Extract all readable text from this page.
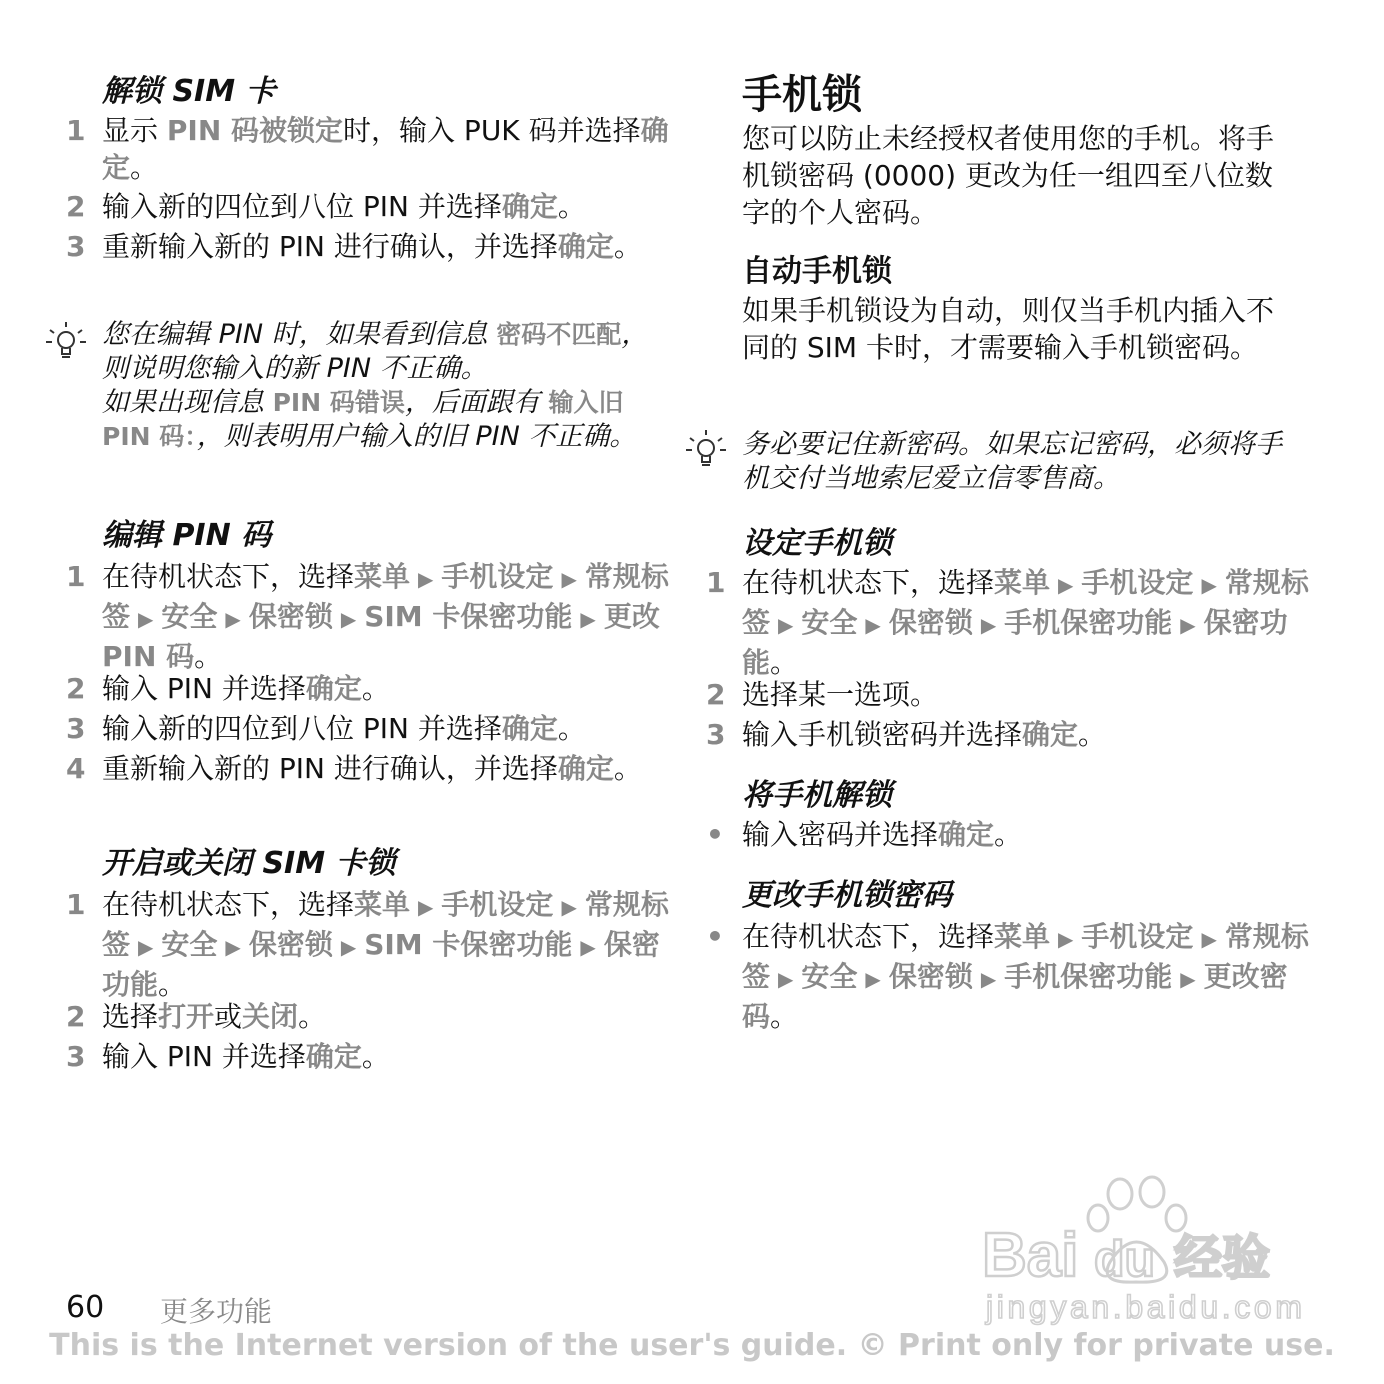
解锁 SIM 卡
1 显示 PIN 码被锁定时，输入 PUK 码并选择确定。
2 输入新的四位到八位 PIN 并选择确定。
3 重新输入新的 PIN 进行确认，并选择确定。
您在编辑 PIN 时，如果看到信息 密码不匹配，则说明您输入的新 PIN 不正确。
如果出现信息 PIN 码错误，后面跟有 输入旧 PIN 码：，则表明用户输入的旧 PIN 不正确。
编辑 PIN 码
1 在待机状态下，选择菜单 ▶ 手机设定 ▶ 常规标签 ▶ 安全 ▶ 保密锁 ▶ SIM 卡保密功能 ▶ 更改 PIN 码。
2 输入 PIN 并选择确定。
3 输入新的四位到八位 PIN 并选择确定。
4 重新输入新的 PIN 进行确认，并选择确定。
开启或关闭 SIM 卡锁
1 在待机状态下，选择菜单 ▶ 手机设定 ▶ 常规标签 ▶ 安全 ▶ 保密锁 ▶ SIM 卡保密功能 ▶ 保密功能。
2 选择打开或关闭。
3 输入 PIN 并选择确定。
手机锁
您可以防止未经授权者使用您的手机。将手机锁密码 (0000) 更改为任一组四至八位数字的个人密码。
自动手机锁
如果手机锁设为自动，则仅当手机内插入不同的 SIM 卡时，才需要输入手机锁密码。
务必要记住新密码。如果忘记密码，必须将手机交付当地索尼爱立信零售商。
设定手机锁
1 在待机状态下，选择菜单 ▶ 手机设定 ▶ 常规标签 ▶ 安全 ▶ 保密锁 ▶ 手机保密功能 ▶ 保密功能。
2 选择某一选项。
3 输入手机锁密码并选择确定。
将手机解锁
• 输入密码并选择确定。
更改手机锁密码
• 在待机状态下，选择菜单 ▶ 手机设定 ▶ 常规标签 ▶ 安全 ▶ 保密锁 ▶ 手机保密功能 ▶ 更改密码。
Bai du 经验
jingyan.baidu.com
60 更多功能
This is the Internet version of the user's guide. © Print only for private use.
